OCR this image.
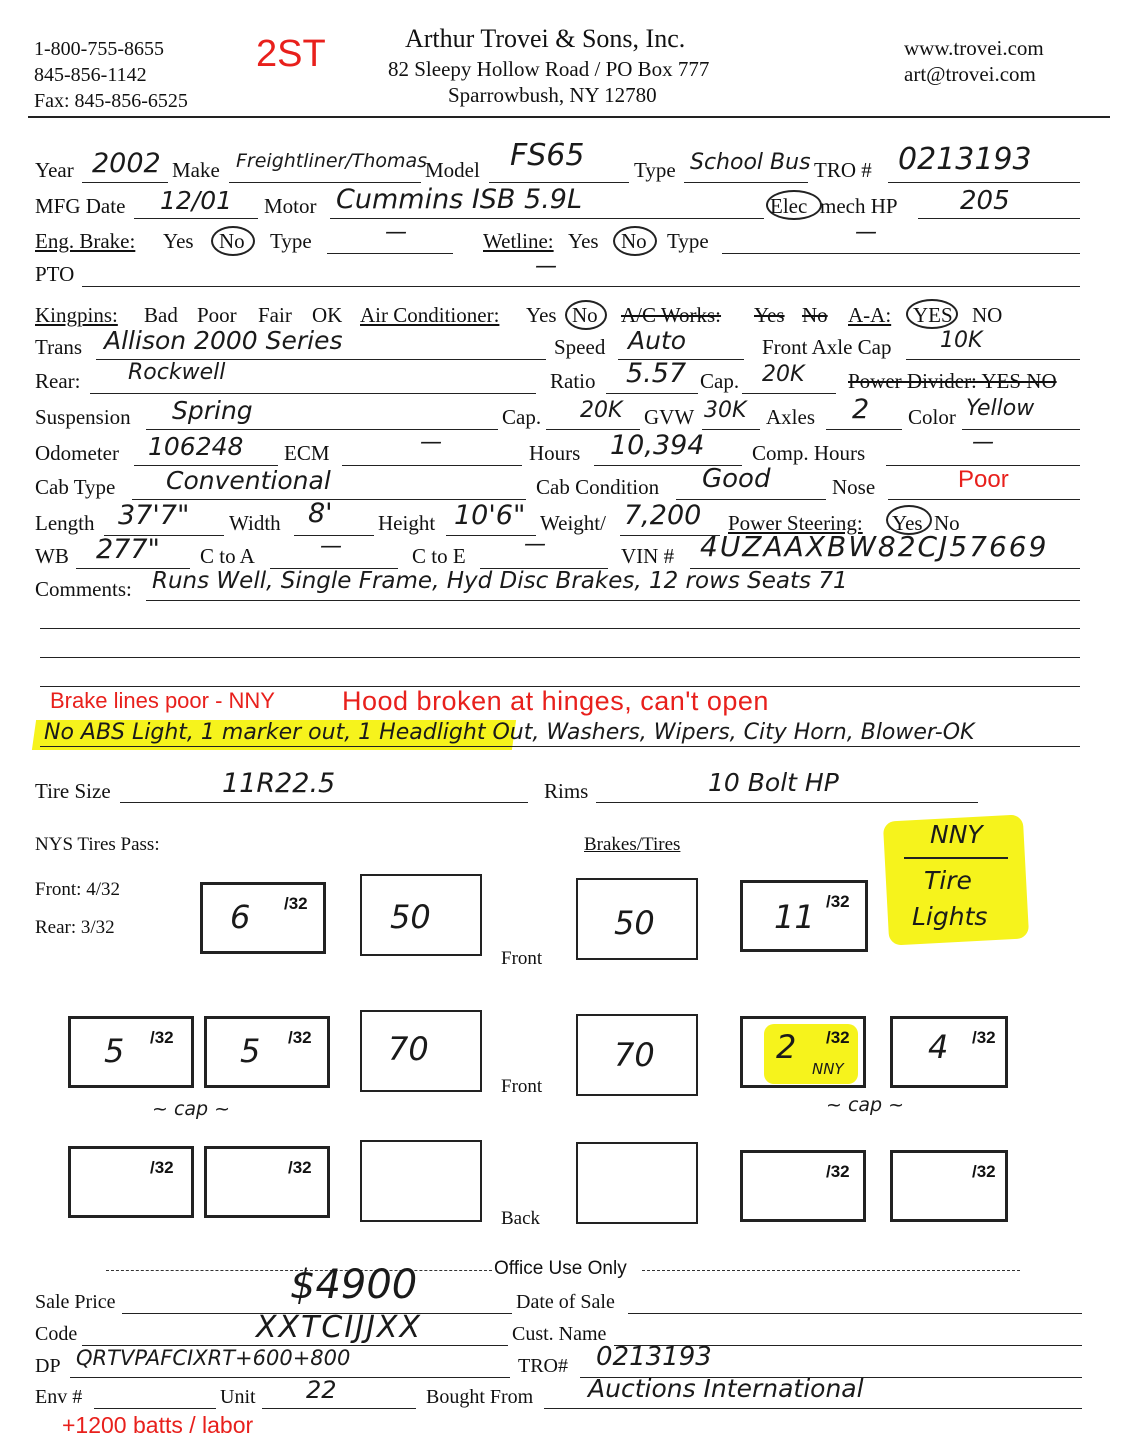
1-800-755-8655
845-856-1142
Fax: 845-856-6525
2ST	Arthur Trovei & Sons, Inc.
82 Sleepy Hollow Road / PO Box 777
Sparrowbush, NY 12780
www.trovei.com
art@trovei.com
Year 2002 Make Freightliner/Thomas
Model FS65 Type School Bus TRO # 0213193
MFG Date 12/01 Motor Cummins ISB 5.9L	Elec mech HP 205
Eng. Brake: Yes No Type	—	Wetline: Yes No Type	—
PTO	—
Kingpins: Bad Poor Fair OK Air Conditioner: Yes No A/C Works: Yes No A-A: YES NO
Trans Allison 2000 Series	Speed Auto	Front Axle Cap 10K
Rear: Rockwell	Ratio 5.57 Cap. 20K Power Divider: YES NO
Suspension Spring	Cap. 20K GVW 30K Axles 2 Color Yellow
Odometer 106248 ECM	—	Hours 10,394 Comp. Hours	—
Cab Type Conventional	Cab Condition Good	Nose	Poor
Length 37'7" Width 8' Height 10'6" Weight/ 7,200 Power Steering: Yes No
WB 277" C to A	—	C to E	—	VIN # 4UZAAXBW82CJ57669
Comments: Runs Well, Single Frame, Hyd Disc Brakes, 12 rows Seats 71
Brake lines poor - NNY Hood broken at hinges, can't open
No ABS Light, 1 marker out, 1 Headlight Out, Washers, Wipers, City Horn, Blower-OK
Tire Size	11R22.5	Rims	10 Bolt HP
NYS Tires Pass:
Front: 4/32
Rear: 3/32
Brakes/Tires	NNY
Tire
Lights
6 /32	50
Front
50	11 /32
5 /32 5 /32
~ cap ~
70
Front
70	2 /32
NNY
~ cap ~
4 /32
/32	/32
Back
/32	/32
Office Use Only
Sale Price	$4900	Date of Sale
Code	XXTCIJJXX	Cust. Name
DP QRTVPAFCIXRT+600+800	TRO# 0213193
Env #	Unit 22	Bought From Auctions International
+1200 batts / labor
